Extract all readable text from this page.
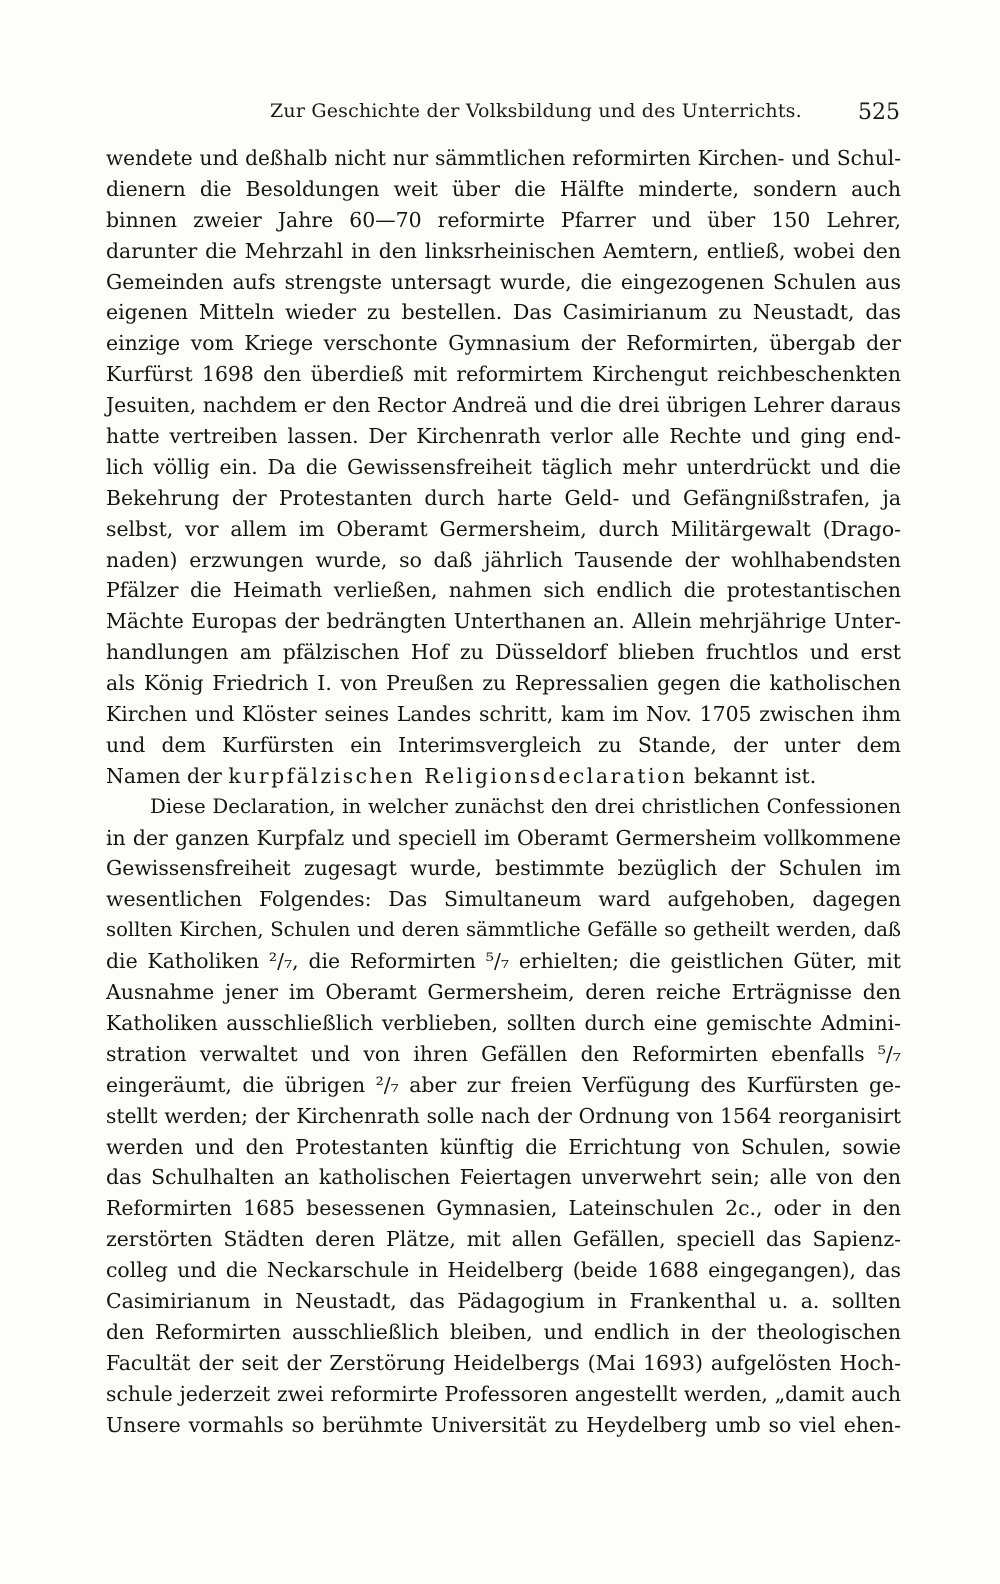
Zur Geschichte der Volksbildung und des Unterrichts.	525
wendete und deßhalb nicht nur sämmtlichen reformirten Kirchen- und Schul-
dienern die Besoldungen weit über die Hälfte minderte, sondern auch
binnen zweier Jahre 60—70 reformirte Pfarrer und über 150 Lehrer,
darunter die Mehrzahl in den linksrheinischen Aemtern, entließ, wobei den
Gemeinden aufs strengste untersagt wurde, die eingezogenen Schulen aus
eigenen Mitteln wieder zu bestellen. Das Casimirianum zu Neustadt, das
einzige vom Kriege verschonte Gymnasium der Reformirten, übergab der
Kurfürst 1698 den überdieß mit reformirtem Kirchengut reichbeschenkten
Jesuiten, nachdem er den Rector Andreä und die drei übrigen Lehrer daraus
hatte vertreiben lassen. Der Kirchenrath verlor alle Rechte und ging end-
lich völlig ein. Da die Gewissensfreiheit täglich mehr unterdrückt und die
Bekehrung der Protestanten durch harte Geld- und Gefängnißstrafen, ja
selbst, vor allem im Oberamt Germersheim, durch Militärgewalt (Drago-
naden) erzwungen wurde, so daß jährlich Tausende der wohlhabendsten
Pfälzer die Heimath verließen, nahmen sich endlich die protestantischen
Mächte Europas der bedrängten Unterthanen an. Allein mehrjährige Unter-
handlungen am pfälzischen Hof zu Düsseldorf blieben fruchtlos und erst
als König Friedrich I. von Preußen zu Repressalien gegen die katholischen
Kirchen und Klöster seines Landes schritt, kam im Nov. 1705 zwischen ihm
und dem Kurfürsten ein Interimsvergleich zu Stande, der unter dem
Namen der kurpfälzischen Religionsdeclaration bekannt ist.
Diese Declaration, in welcher zunächst den drei christlichen Confessionen
in der ganzen Kurpfalz und speciell im Oberamt Germersheim vollkommene
Gewissensfreiheit zugesagt wurde, bestimmte bezüglich der Schulen im
wesentlichen Folgendes: Das Simultaneum ward aufgehoben, dagegen
sollten Kirchen, Schulen und deren sämmtliche Gefälle so getheilt werden, daß
die Katholiken ²/₇, die Reformirten ⁵/₇ erhielten; die geistlichen Güter, mit
Ausnahme jener im Oberamt Germersheim, deren reiche Erträgnisse den
Katholiken ausschließlich verblieben, sollten durch eine gemischte Admini-
stration verwaltet und von ihren Gefällen den Reformirten ebenfalls ⁵/₇
eingeräumt, die übrigen ²/₇ aber zur freien Verfügung des Kurfürsten ge-
stellt werden; der Kirchenrath solle nach der Ordnung von 1564 reorganisirt
werden und den Protestanten künftig die Errichtung von Schulen, sowie
das Schulhalten an katholischen Feiertagen unverwehrt sein; alle von den
Reformirten 1685 besessenen Gymnasien, Lateinschulen 2c., oder in den
zerstörten Städten deren Plätze, mit allen Gefällen, speciell das Sapienz-
colleg und die Neckarschule in Heidelberg (beide 1688 eingegangen), das
Casimirianum in Neustadt, das Pädagogium in Frankenthal u. a. sollten
den Reformirten ausschließlich bleiben, und endlich in der theologischen
Facultät der seit der Zerstörung Heidelbergs (Mai 1693) aufgelösten Hoch-
schule jederzeit zwei reformirte Professoren angestellt werden, „damit auch
Unsere vormahls so berühmte Universität zu Heydelberg umb so viel ehen-
